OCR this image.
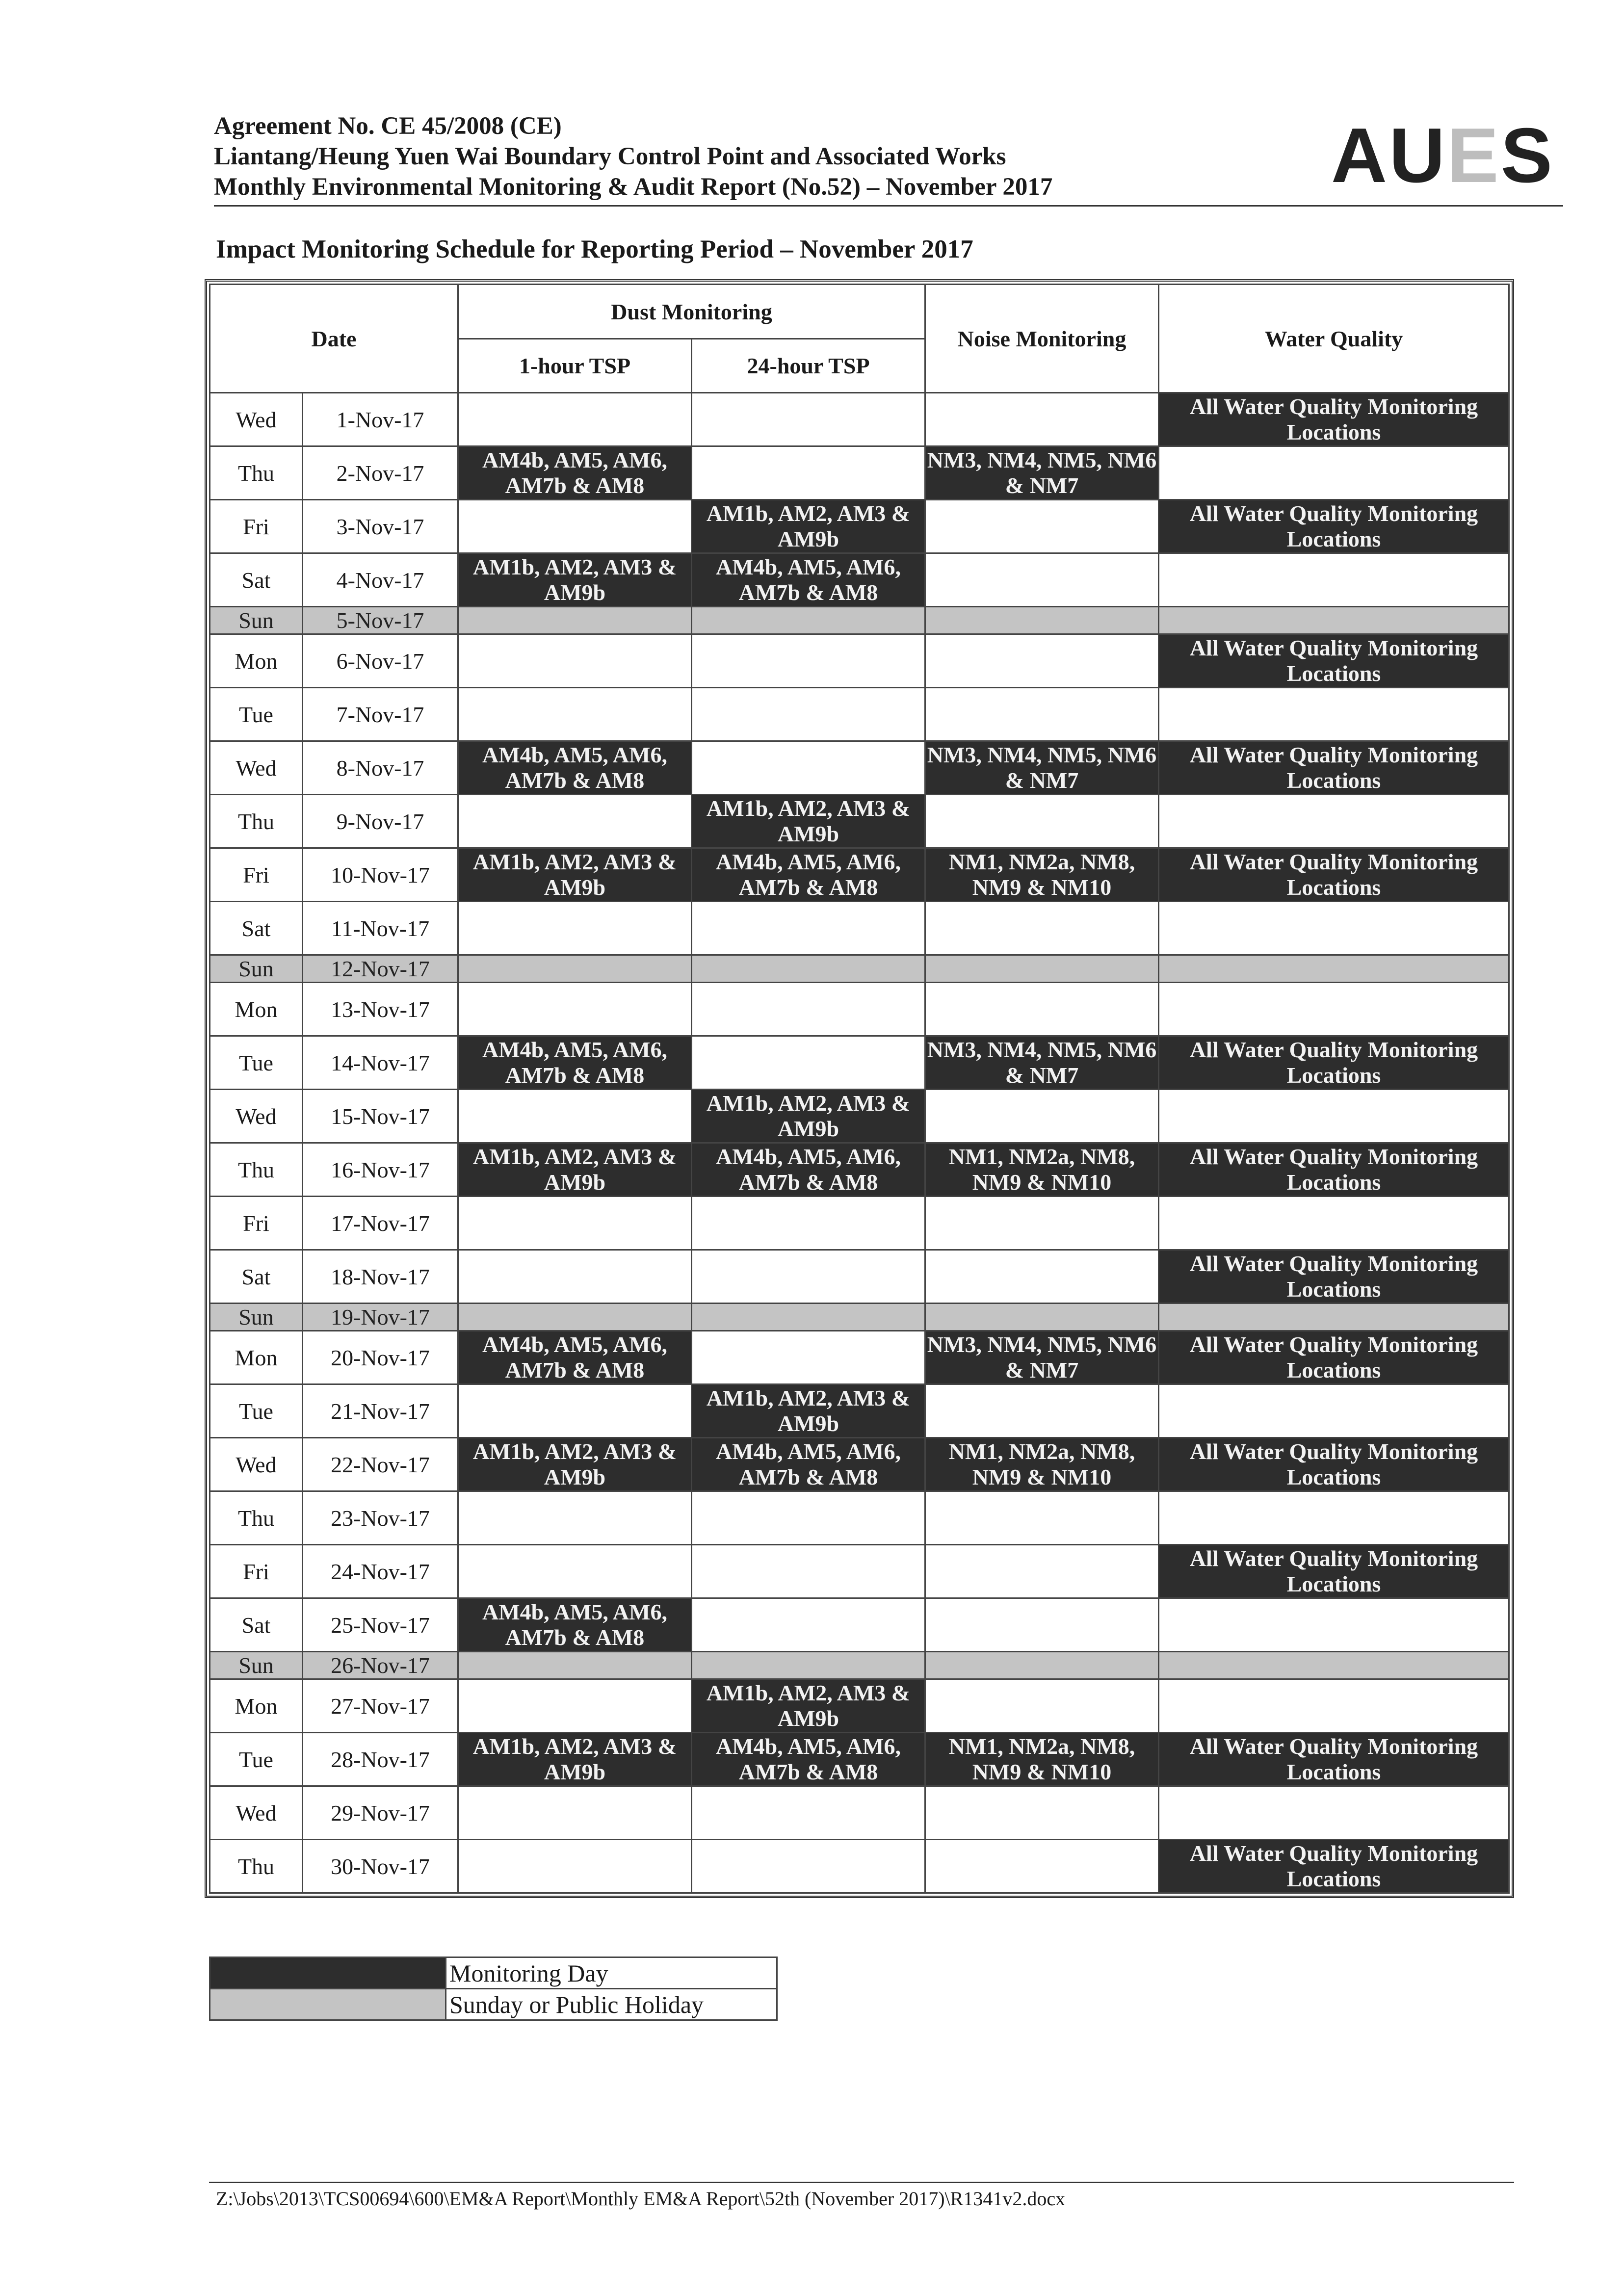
Agreement No. CE 45/2008 (CE)
Liantang/Heung Yuen Wai Boundary Control Point and Associated Works
Monthly Environmental Monitoring & Audit Report (No.52) – November 2017	AUES
Impact Monitoring Schedule for Reporting Period – November 2017
Date		Dust Monitoring		Noise Monitoring	Water Quality
		1-hour TSP	24-hour TSP		
Wed	1-Nov-17				All Water Quality Monitoring Locations
Thu	2-Nov-17	AM4b, AM5, AM6, AM7b & AM8		NM3, NM4, NM5, NM6 & NM7	
Fri	3-Nov-17		AM1b, AM2, AM3 & AM9b		All Water Quality Monitoring Locations
Sat	4-Nov-17	AM1b, AM2, AM3 & AM9b	AM4b, AM5, AM6, AM7b & AM8		
Sun	5-Nov-17				
Mon	6-Nov-17				All Water Quality Monitoring Locations
Tue	7-Nov-17				
Wed	8-Nov-17	AM4b, AM5, AM6, AM7b & AM8		NM3, NM4, NM5, NM6 & NM7	All Water Quality Monitoring Locations
Thu	9-Nov-17		AM1b, AM2, AM3 & AM9b		
Fri	10-Nov-17	AM1b, AM2, AM3 & AM9b	AM4b, AM5, AM6, AM7b & AM8	NM1, NM2a, NM8, NM9 & NM10	All Water Quality Monitoring Locations
Sat	11-Nov-17				
Sun	12-Nov-17				
Mon	13-Nov-17				
Tue	14-Nov-17	AM4b, AM5, AM6, AM7b & AM8		NM3, NM4, NM5, NM6 & NM7	All Water Quality Monitoring Locations
Wed	15-Nov-17		AM1b, AM2, AM3 & AM9b		
Thu	16-Nov-17	AM1b, AM2, AM3 & AM9b	AM4b, AM5, AM6, AM7b & AM8	NM1, NM2a, NM8, NM9 & NM10	All Water Quality Monitoring Locations
Fri	17-Nov-17				
Sat	18-Nov-17				All Water Quality Monitoring Locations
Sun	19-Nov-17				
Mon	20-Nov-17	AM4b, AM5, AM6, AM7b & AM8		NM3, NM4, NM5, NM6 & NM7	All Water Quality Monitoring Locations
Tue	21-Nov-17		AM1b, AM2, AM3 & AM9b		
Wed	22-Nov-17	AM1b, AM2, AM3 & AM9b	AM4b, AM5, AM6, AM7b & AM8	NM1, NM2a, NM8, NM9 & NM10	All Water Quality Monitoring Locations
Thu	23-Nov-17				
Fri	24-Nov-17				All Water Quality Monitoring Locations
Sat	25-Nov-17	AM4b, AM5, AM6, AM7b & AM8			
Sun	26-Nov-17				
Mon	27-Nov-17		AM1b, AM2, AM3 & AM9b		
Tue	28-Nov-17	AM1b, AM2, AM3 & AM9b	AM4b, AM5, AM6, AM7b & AM8	NM1, NM2a, NM8, NM9 & NM10	All Water Quality Monitoring Locations
Wed	29-Nov-17				
Thu	30-Nov-17				All Water Quality Monitoring Locations
	Monitoring Day
	Sunday or Public Holiday
Z:\Jobs\2013\TCS00694\600\EM&A Report\Monthly EM&A Report\52th (November 2017)\R1341v2.docx
